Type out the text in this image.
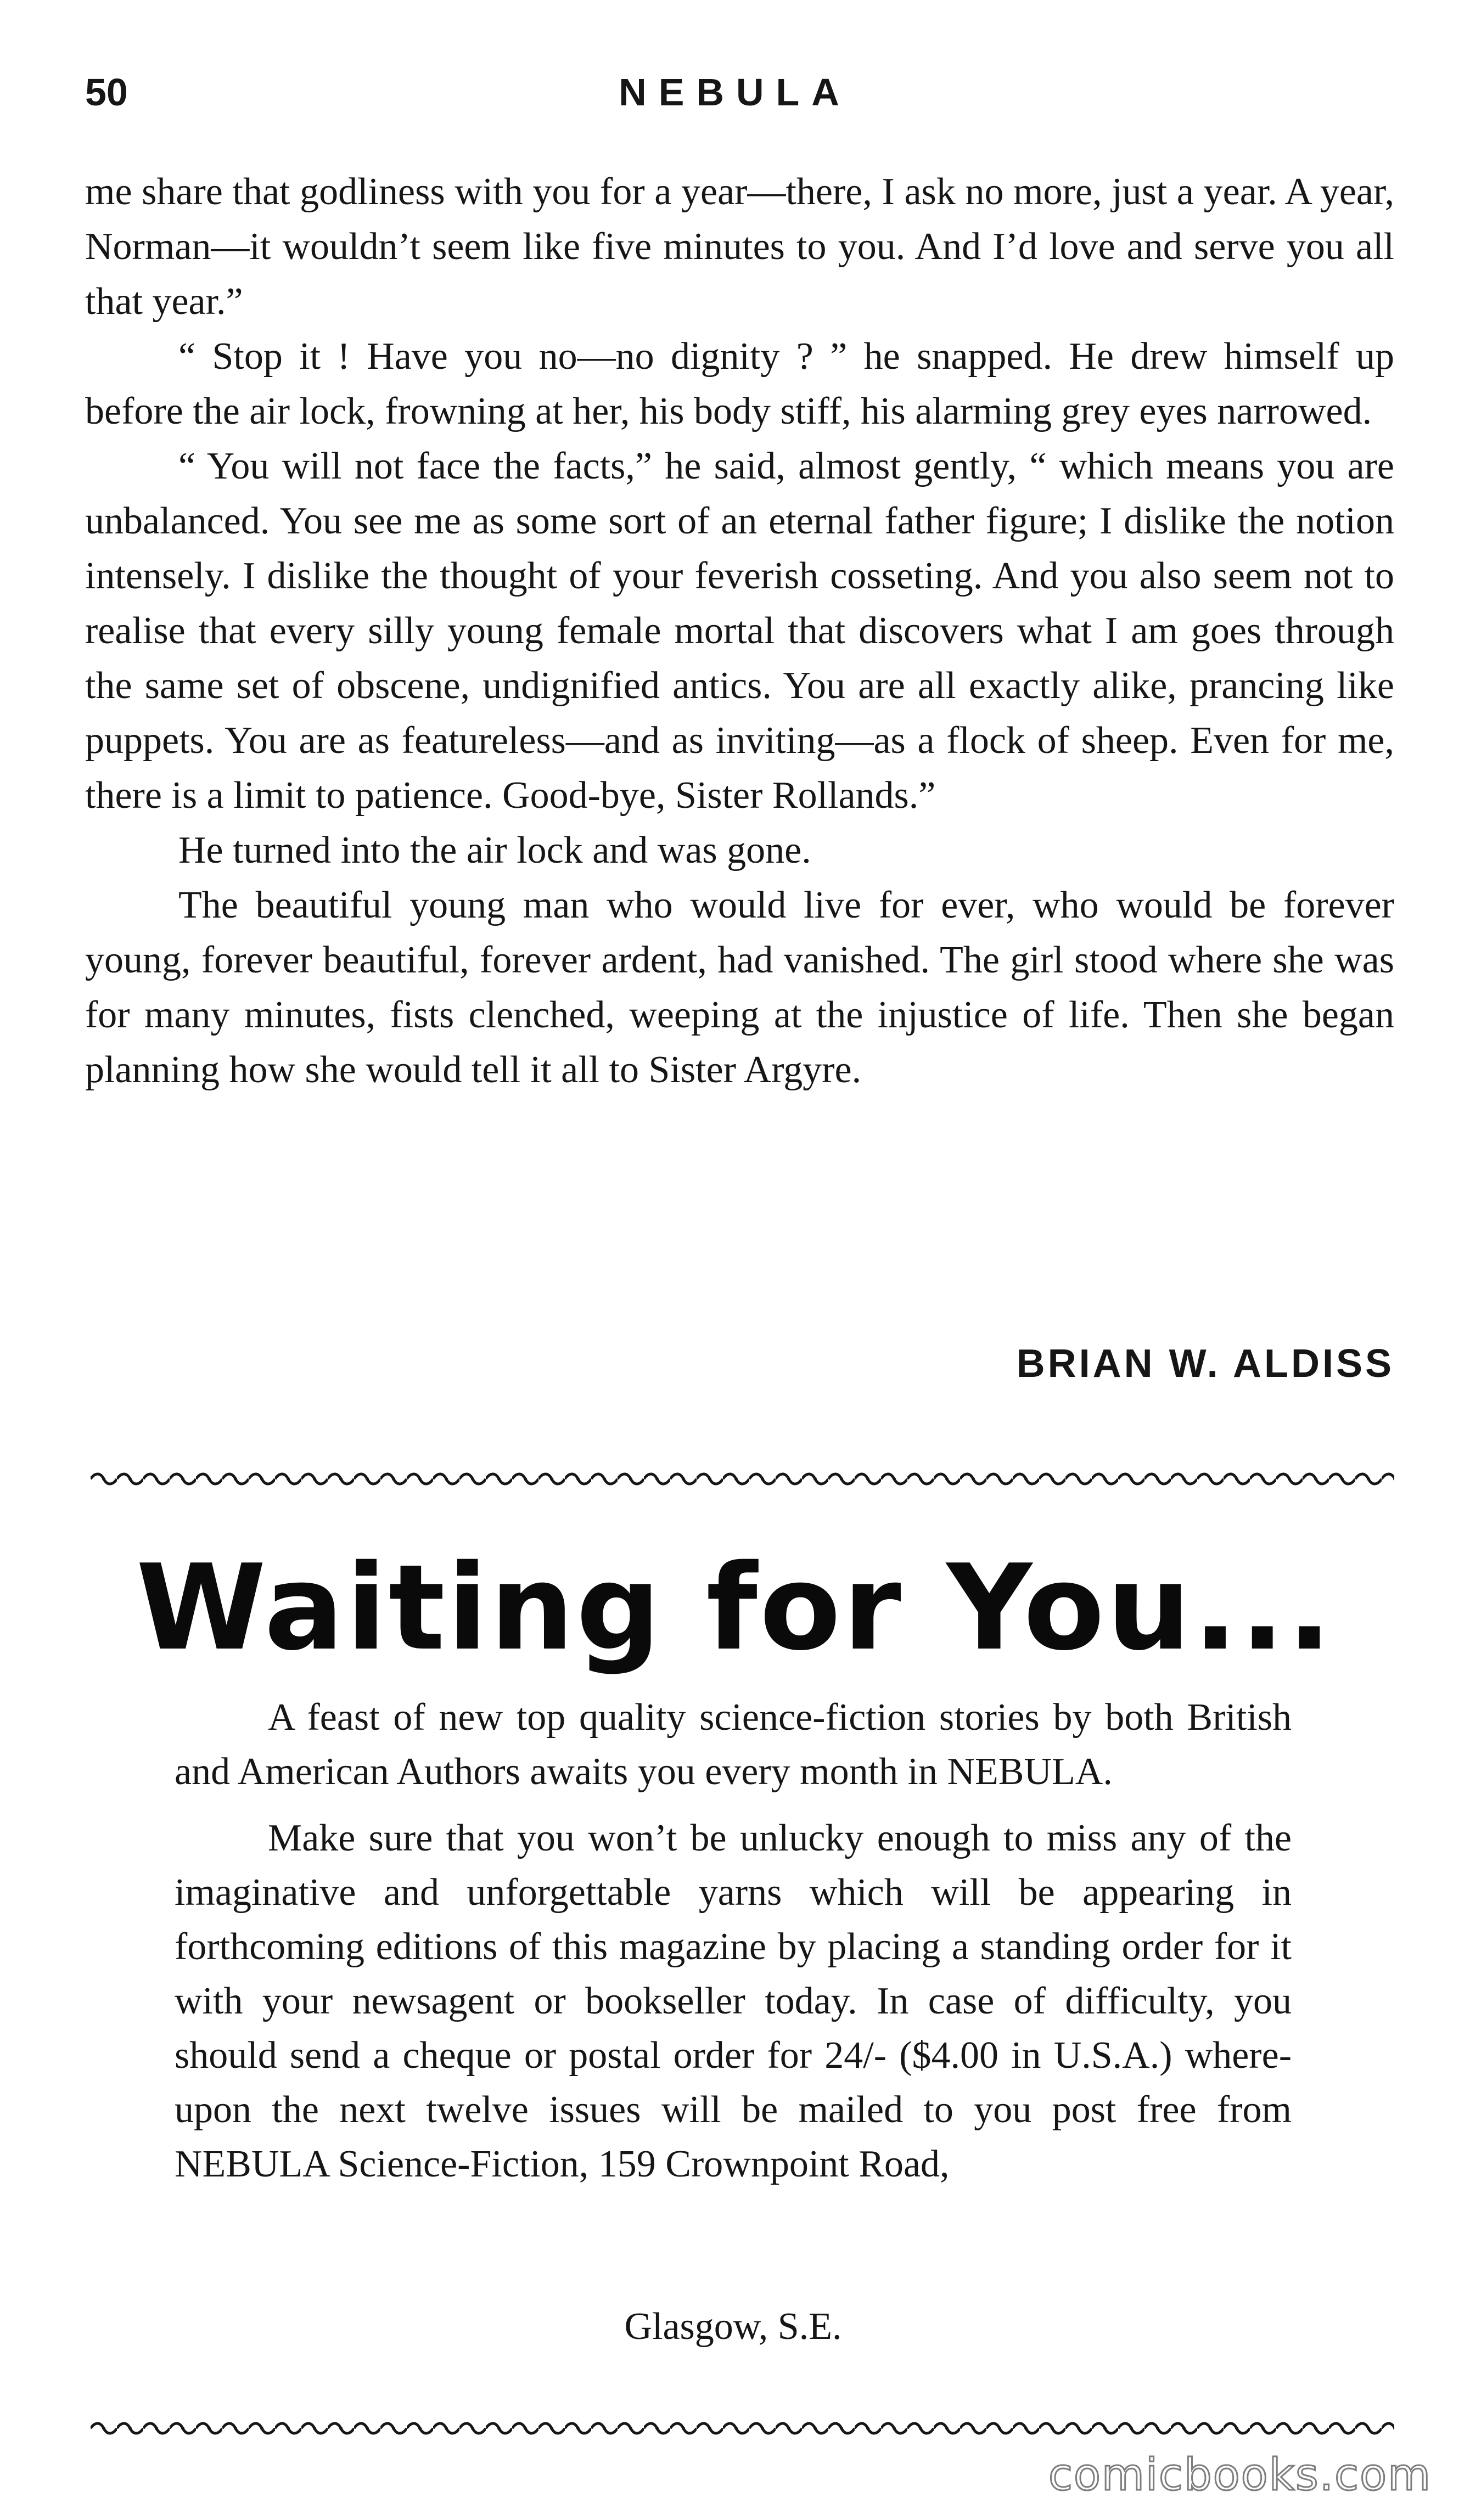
50	NEBULA

me share that godliness with you for a year—there, I ask no more, just a year. A year, Norman—it wouldn’t seem like five minutes to you. And I’d love and serve you all that year.”

“ Stop it ! Have you no—no dignity ? ” he snapped. He drew himself up before the air lock, frowning at her, his body stiff, his alarming grey eyes narrowed.

“ You will not face the facts,” he said, almost gently, “ which means you are unbalanced. You see me as some sort of an eternal father figure; I dislike the notion intensely. I dislike the thought of your feverish cosseting. And you also seem not to realise that every silly young female mortal that discovers what I am goes through the same set of obscene, undignified antics. You are all exactly alike, prancing like puppets. You are as featureless—and as inviting—as a flock of sheep. Even for me, there is a limit to patience. Good-bye, Sister Rollands.”

He turned into the air lock and was gone.

The beautiful young man who would live for ever, who would be forever young, forever beautiful, forever ardent, had vanished. The girl stood where she was for many minutes, fists clenched, weeping at the injustice of life. Then she began planning how she would tell it all to Sister Argyre.

BRIAN W. ALDISS
Waiting for You...

A feast of new top quality science-fiction stories by both British and American Authors awaits you every month in NEBULA.

Make sure that you won’t be unlucky enough to miss any of the imaginative and unforgettable yarns which will be appearing in forthcoming editions of this magazine by placing a standing order for it with your newsagent or bookseller today. In case of difficulty, you should send a cheque or postal order for 24/- ($4.00 in U.S.A.) where-upon the next twelve issues will be mailed to you post free from NEBULA Science-Fiction, 159 Crownpoint Road,

Glasgow, S.E.
comicbooks.com
